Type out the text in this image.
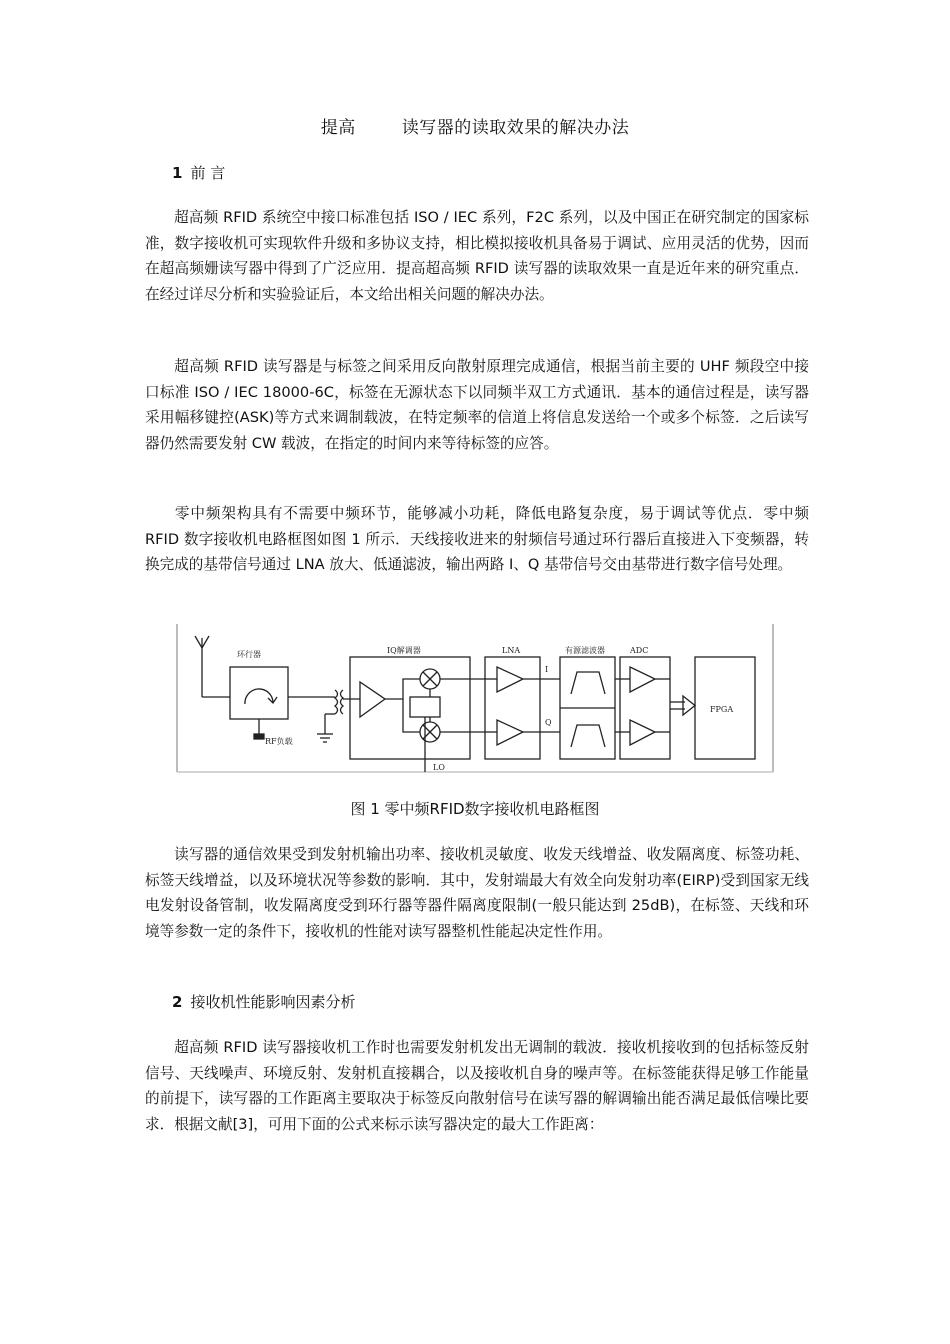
提高	读写器的读取效果的解决办法
1 前 言
超高频 RFID 系统空中接口标准包括 ISO / IEC 系列，F2C 系列，以及中国正在研究制定的国家标准，数字接收机可实现软件升级和多协议支持，相比模拟接收机具备易于调试、应用灵活的优势，因而在超高频姗读写器中得到了广泛应用．提高超高频 RFID 读写器的读取效果一直是近年来的研究重点．在经过详尽分析和实验验证后，本文给出相关问题的解决办法。
超高频 RFID 读写器是与标签之间采用反向散射原理完成通信，根据当前主要的 UHF 频段空中接口标准 ISO / IEC 18000-6C，标签在无源状态下以同频半双工方式通讯．基本的通信过程是，读写器采用幅移键控(ASK)等方式来调制载波，在特定频率的信道上将信息发送给一个或多个标签．之后读写器仍然需要发射 CW 载波，在指定的时间内来等待标签的应答。
零中频架构具有不需要中频环节，能够减小功耗，降低电路复杂度，易于调试等优点．零中频 RFID 数字接收机电路框图如图 1 所示．天线接收进来的射频信号通过环行器后直接进入下变频器，转换完成的基带信号通过 LNA 放大、低通滤波，输出两路 I、Q 基带信号交由基带进行数字信号处理。
环行器
RF负载
IQ解调器
LO
LNA
I
Q
有源滤波器	ADC
FPGA
图 1 零中频RFID数字接收机电路框图
读写器的通信效果受到发射机输出功率、接收机灵敏度、收发天线增益、收发隔离度、标签功耗、标签天线增益，以及环境状况等参数的影响．其中，发射端最大有效全向发射功率(EIRP)受到国家无线电发射设备管制，收发隔离度受到环行器等器件隔离度限制(一般只能达到 25dB)，在标签、天线和环境等参数一定的条件下，接收机的性能对读写器整机性能起决定性作用。
2 接收机性能影响因素分析
超高频 RFID 读写器接收机工作时也需要发射机发出无调制的载波．接收机接收到的包括标签反射信号、天线噪声、环境反射、发射机直接耦合，以及接收机自身的噪声等。在标签能获得足够工作能量的前提下，读写器的工作距离主要取决于标签反向散射信号在读写器的解调输出能否满足最低信噪比要求．根据文献[3]，可用下面的公式来标示读写器决定的最大工作距离：
